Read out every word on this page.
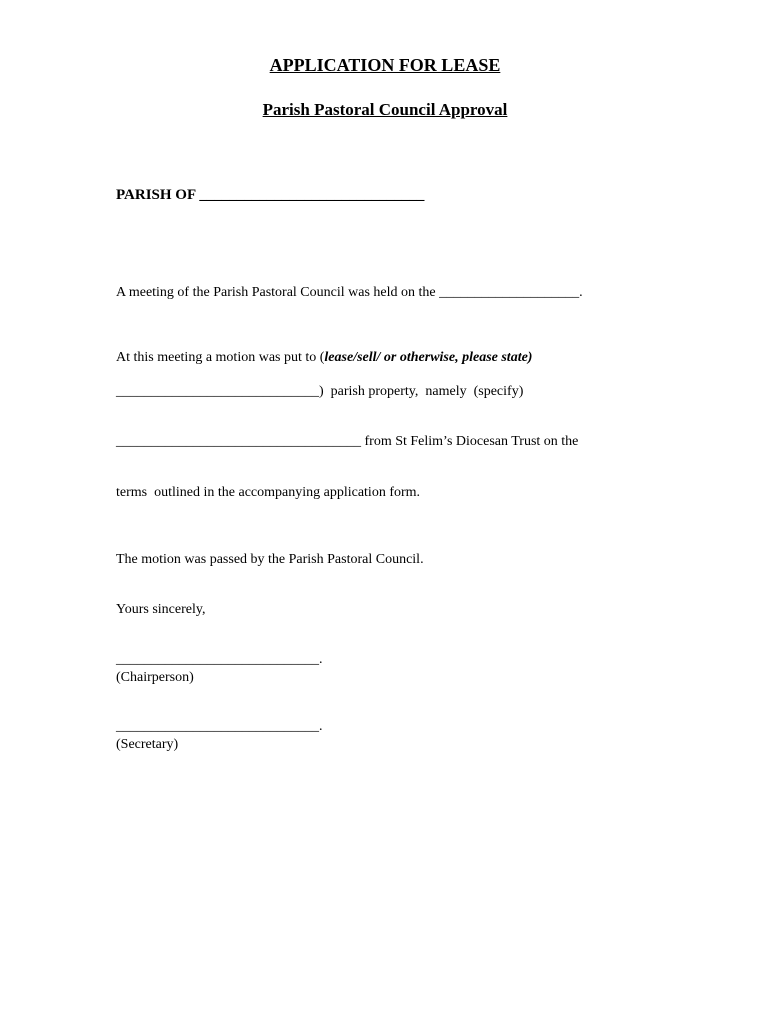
APPLICATION FOR LEASE
Parish Pastoral Council Approval
PARISH OF ______________________________
A meeting of the Parish Pastoral Council was held on the ____________________.
At this meeting a motion was put to (lease/sell/ or otherwise, please state)
_____________________________)  parish property,  namely  (specify)
___________________________________ from St Felim’s Diocesan Trust on the
terms  outlined in the accompanying application form.
The motion was passed by the Parish Pastoral Council.
Yours sincerely,
_____________________________.
(Chairperson)
_____________________________.
(Secretary)
